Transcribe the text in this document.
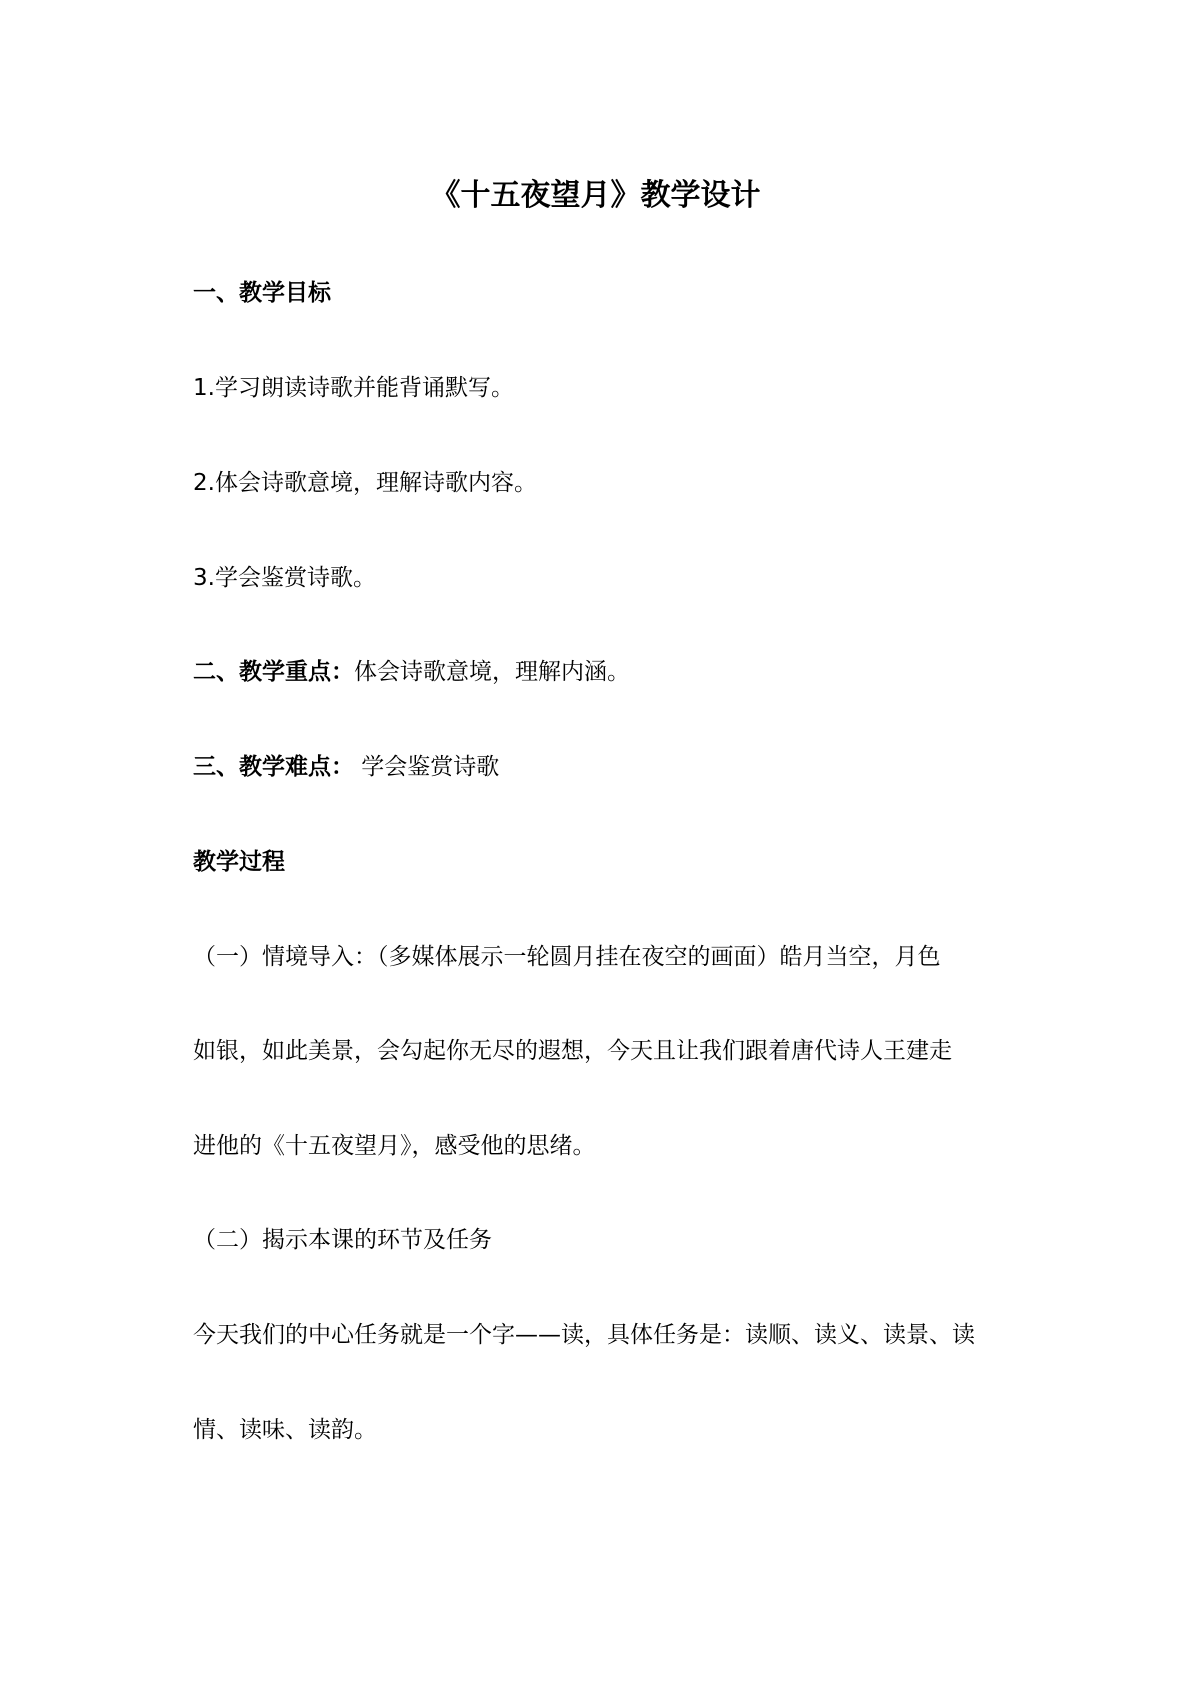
《十五夜望月》教学设计
一、教学目标
1.学习朗读诗歌并能背诵默写。
2.体会诗歌意境，理解诗歌内容。
3.学会鉴赏诗歌。
二、教学重点：体会诗歌意境，理解内涵。
三、教学难点： 学会鉴赏诗歌
教学过程
（一）情境导入：（多媒体展示一轮圆月挂在夜空的画面）皓月当空，月色
如银，如此美景，会勾起你无尽的遐想，今天且让我们跟着唐代诗人王建走
进他的《十五夜望月》，感受他的思绪。
（二）揭示本课的环节及任务
今天我们的中心任务就是一个字——读，具体任务是：读顺、读义、读景、读
情、读味、读韵。
